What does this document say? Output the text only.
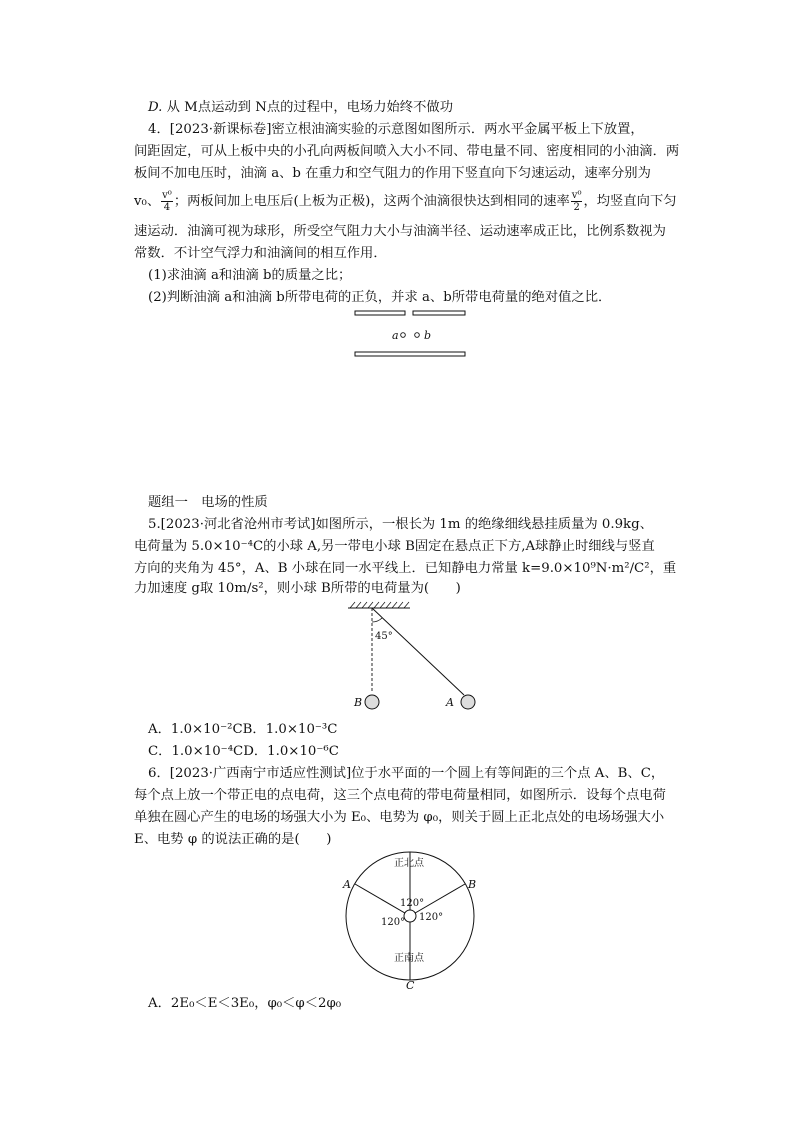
D. 从 M点运动到 N点的过程中，电场力始终不做功
4．[2023·新课标卷]密立根油滴实验的示意图如图所示．两水平金属平板上下放置，
间距固定，可从上板中央的小孔向两板间喷入大小不同、带电量不同、密度相同的小油滴．两
板间不加电压时，油滴 a、b 在重力和空气阻力的作用下竖直向下匀速运动，速率分别为
v₀、 $\frac{\text{v⁰}}{4}$ ；两板间加上电压后(上板为正极)，这两个油滴很快达到相同的速率 $\frac{\text{v⁰}}{2}$ ，均竖直向下匀
速运动．油滴可视为球形，所受空气阻力大小与油滴半径、运动速率成正比，比例系数视为
常数．不计空气浮力和油滴间的相互作用．
(1)求油滴 a和油滴 b的质量之比；
(2)判断油滴 a和油滴 b所带电荷的正负，并求 a、b所带电荷量的绝对值之比．
a b
题组一　电场的性质
5.[2023·河北省沧州市考试]如图所示，一根长为 1m 的绝缘细线悬挂质量为 0.9kg、
电荷量为 5.0×10⁻⁴C的小球 A,另一带电小球 B固定在悬点正下方,A球静止时细线与竖直
方向的夹角为 45°，A、B 小球在同一水平线上．已知静电力常量 k=9.0×10⁹N·m²/C²，重
力加速度 g取 10m/s²，则小球 B所带的电荷量为(　　)
45°
B	A
A．1.0×10⁻²CB．1.0×10⁻³C
C．1.0×10⁻⁴CD．1.0×10⁻⁶C
6．[2023·广西南宁市适应性测试]位于水平面的一个圆上有等间距的三个点 A、B、C，
每个点上放一个带正电的点电荷，这三个点电荷的带电荷量相同，如图所示．设每个点电荷
单独在圆心产生的电场的场强大小为 E₀、电势为 φ₀，则关于圆上正北点处的电场场强大小
E、电势 φ 的说法正确的是(　　)
正北点
正南点
A	B
C
120°
120° 120°
A．2E₀＜E＜3E₀，φ₀＜φ＜2φ₀
